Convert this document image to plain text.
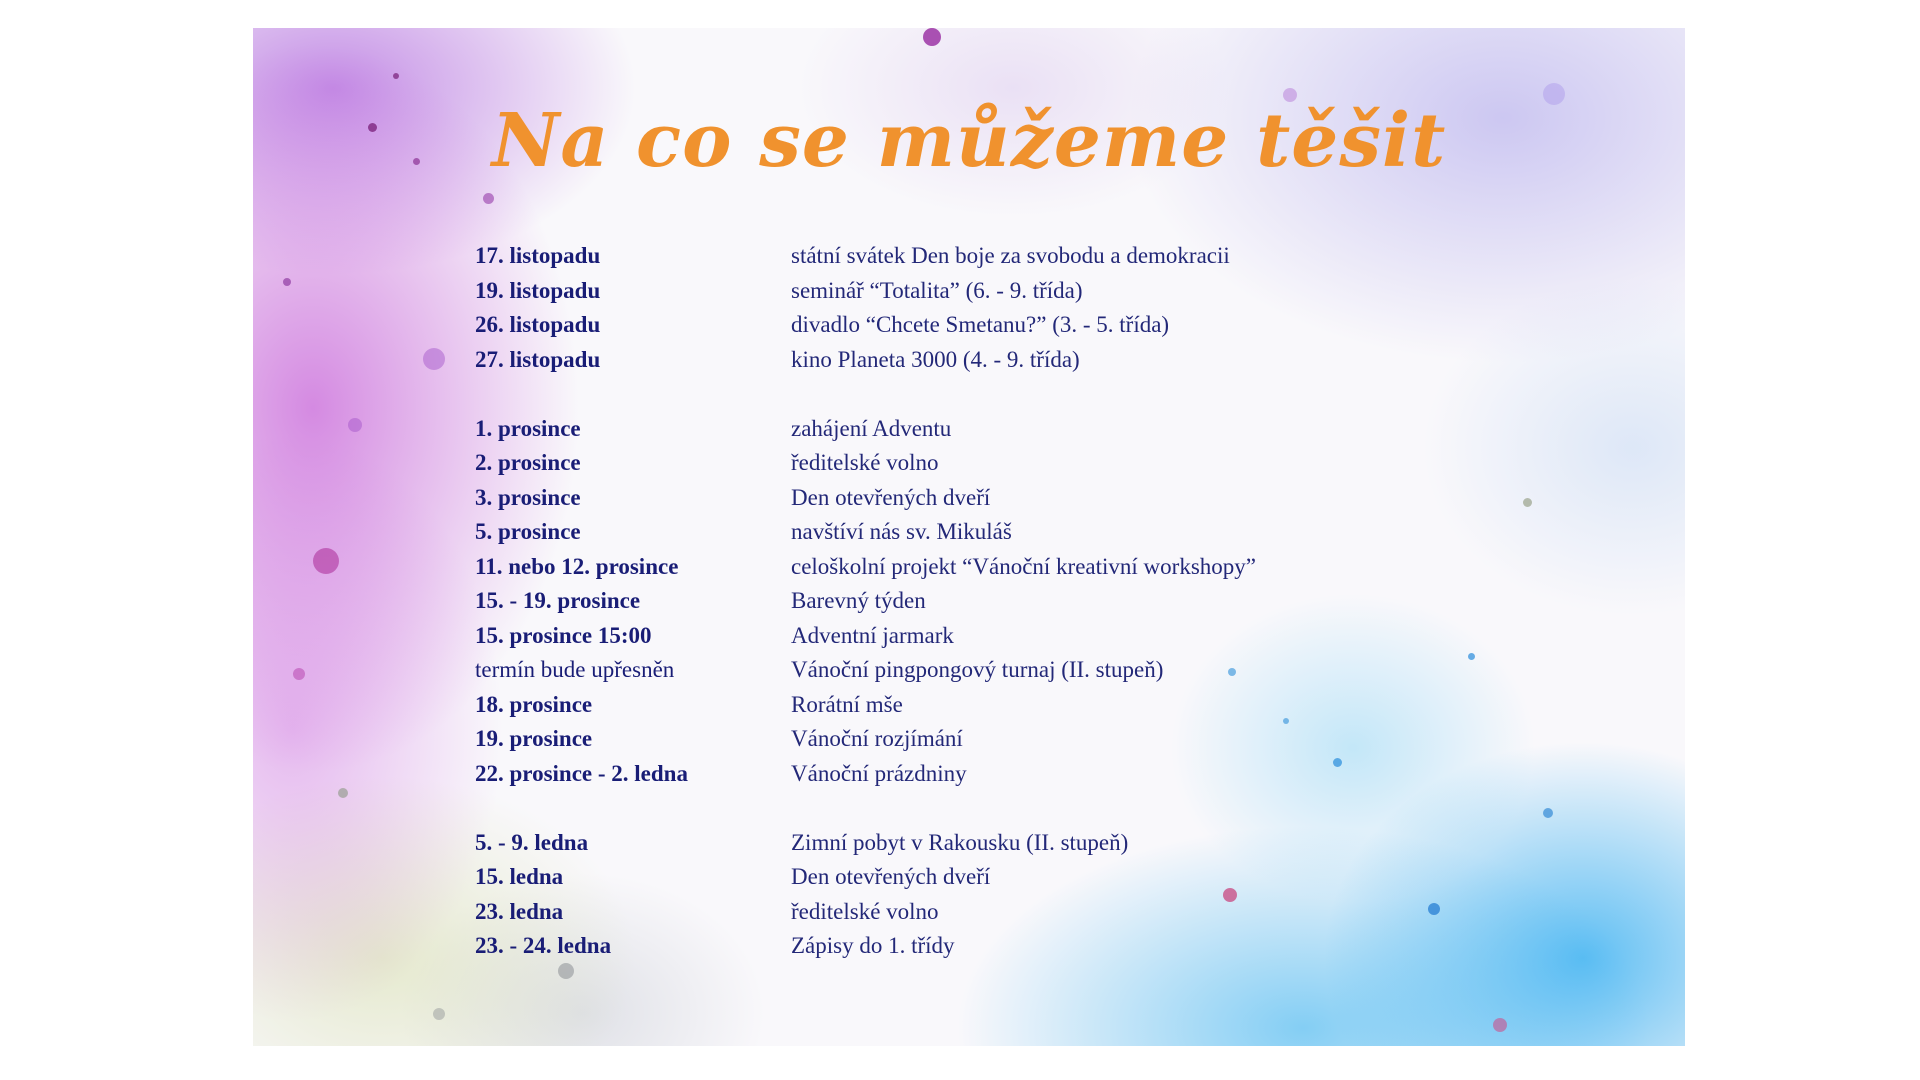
Na co se můžeme těšit
17. listopadu	státní svátek Den boje za svobodu a demokracii
19. listopadu	seminář “Totalita” (6. - 9. třída)
26. listopadu	divadlo “Chcete Smetanu?” (3. - 5. třída)
27. listopadu	kino Planeta 3000 (4. - 9. třída)
1. prosince	zahájení Adventu
2. prosince	ředitelské volno
3. prosince	Den otevřených dveří
5. prosince	navštíví nás sv. Mikuláš
11. nebo 12. prosince	celoškolní projekt “Vánoční kreativní workshopy”
15. - 19. prosince	Barevný týden
15. prosince 15:00	Adventní jarmark
termín bude upřesněn	Vánoční pingpongový turnaj (II. stupeň)
18. prosince	Rorátní mše
19. prosince	Vánoční rozjímání
22. prosince - 2. ledna	Vánoční prázdniny
5. - 9. ledna	Zimní pobyt v Rakousku (II. stupeň)
15. ledna	Den otevřených dveří
23. ledna	ředitelské volno
23. - 24. ledna	Zápisy do 1. třídy
